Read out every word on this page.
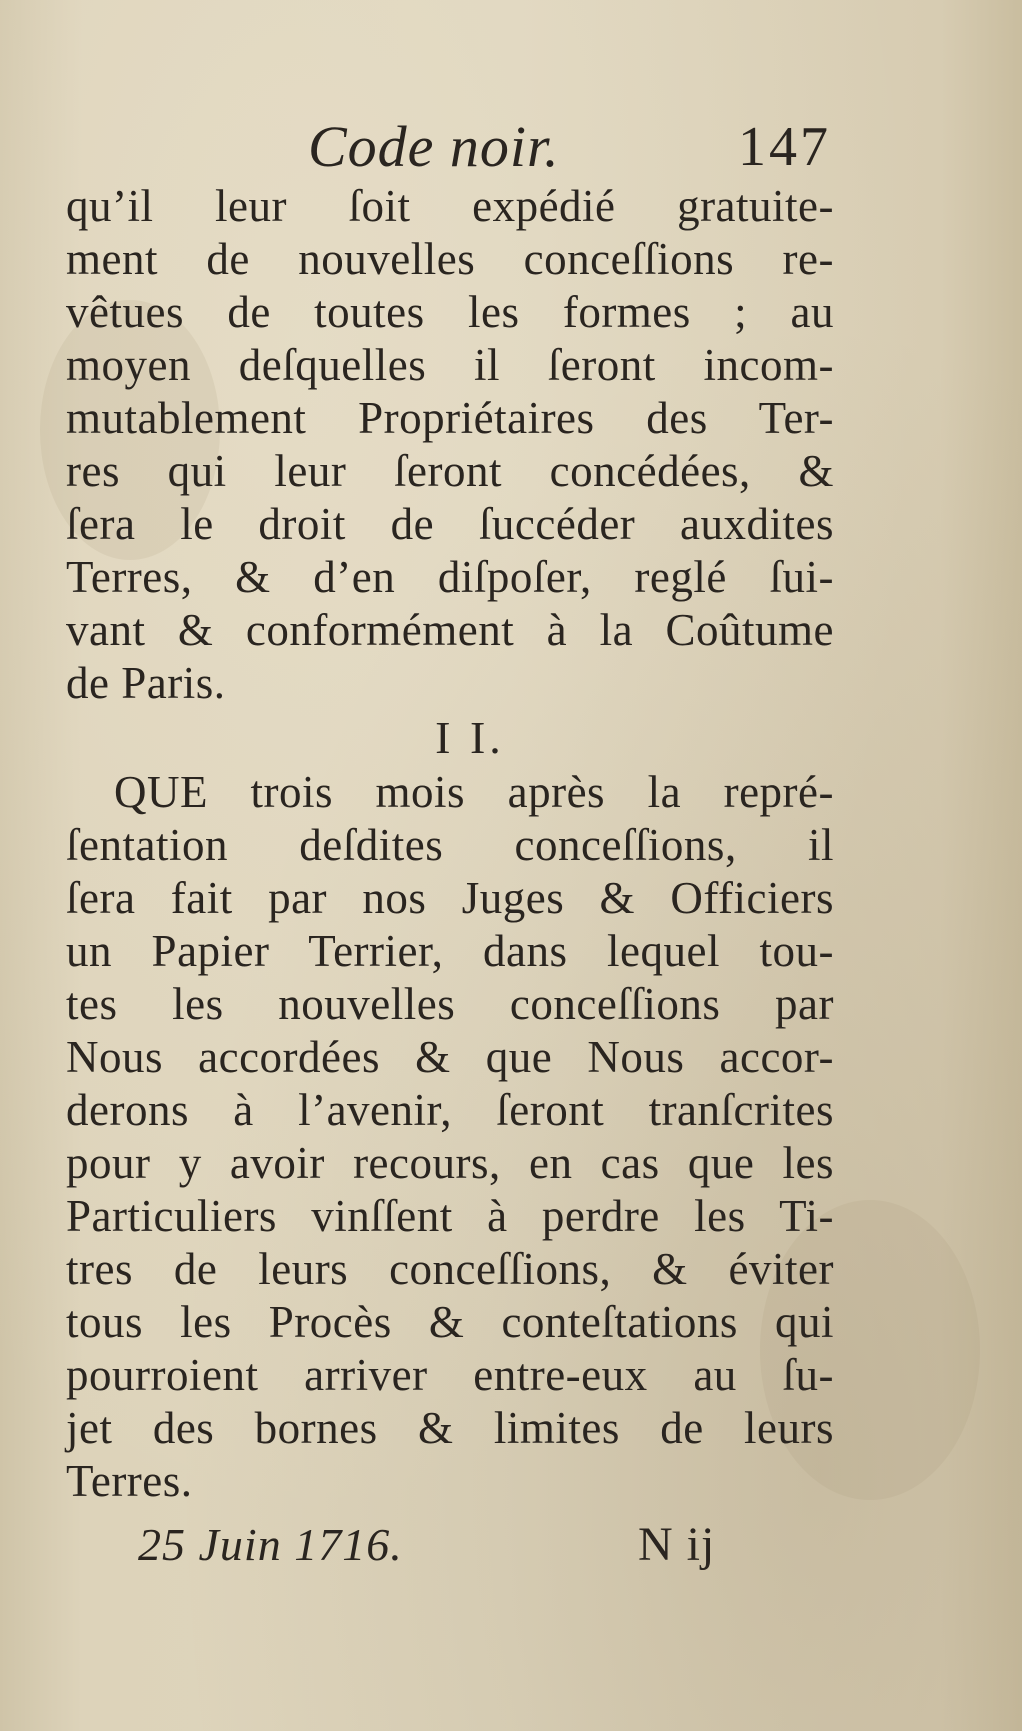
Code noir.	147
qu’il leur ſoit expédié gratuite-
ment de nouvelles conceſſions re-
vêtues de toutes les formes ; au
moyen deſquelles il ſeront incom-
mutablement Propriétaires des Ter-
res qui leur ſeront concédées, &
ſera le droit de ſuccéder auxdites
Terres, & d’en diſpoſer, reglé ſui-
vant & conformément à la Coûtume
de Paris.
I I.
QUE trois mois après la repré-
ſentation deſdites conceſſions, il
ſera fait par nos Juges & Officiers
un Papier Terrier, dans lequel tou-
tes les nouvelles conceſſions par
Nous accordées & que Nous accor-
derons à l’avenir, ſeront tranſcrites
pour y avoir recours, en cas que les
Particuliers vinſſent à perdre les Ti-
tres de leurs conceſſions, & éviter
tous les Procès & conteſtations qui
pourroient arriver entre-eux au ſu-
jet des bornes & limites de leurs
Terres.
25 Juin 1716.	N ij
